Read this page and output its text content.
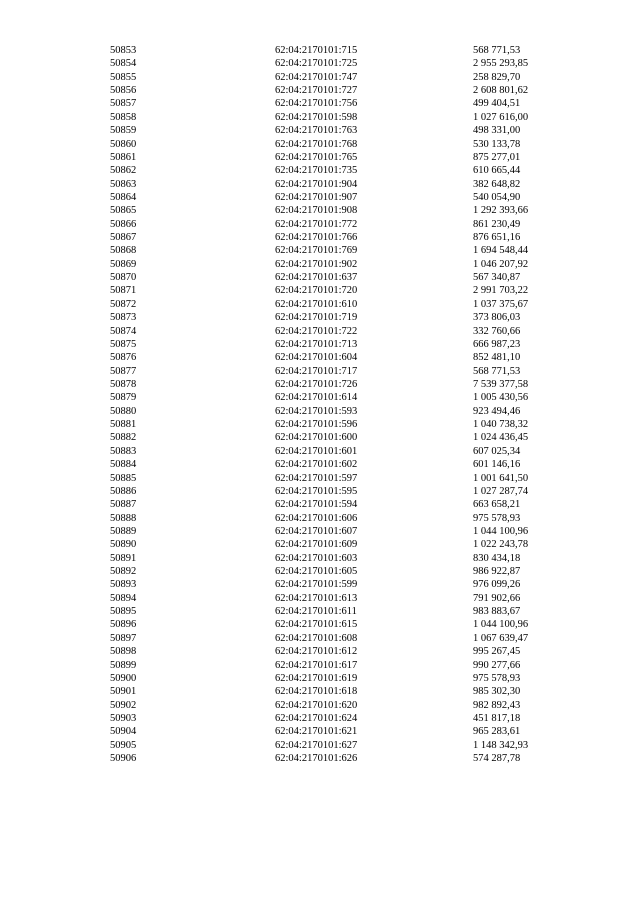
50853	62:04:2170101:715	568 771,53
50854	62:04:2170101:725	2 955 293,85
50855	62:04:2170101:747	258 829,70
50856	62:04:2170101:727	2 608 801,62
50857	62:04:2170101:756	499 404,51
50858	62:04:2170101:598	1 027 616,00
50859	62:04:2170101:763	498 331,00
50860	62:04:2170101:768	530 133,78
50861	62:04:2170101:765	875 277,01
50862	62:04:2170101:735	610 665,44
50863	62:04:2170101:904	382 648,82
50864	62:04:2170101:907	540 054,90
50865	62:04:2170101:908	1 292 393,66
50866	62:04:2170101:772	861 230,49
50867	62:04:2170101:766	876 651,16
50868	62:04:2170101:769	1 694 548,44
50869	62:04:2170101:902	1 046 207,92
50870	62:04:2170101:637	567 340,87
50871	62:04:2170101:720	2 991 703,22
50872	62:04:2170101:610	1 037 375,67
50873	62:04:2170101:719	373 806,03
50874	62:04:2170101:722	332 760,66
50875	62:04:2170101:713	666 987,23
50876	62:04:2170101:604	852 481,10
50877	62:04:2170101:717	568 771,53
50878	62:04:2170101:726	7 539 377,58
50879	62:04:2170101:614	1 005 430,56
50880	62:04:2170101:593	923 494,46
50881	62:04:2170101:596	1 040 738,32
50882	62:04:2170101:600	1 024 436,45
50883	62:04:2170101:601	607 025,34
50884	62:04:2170101:602	601 146,16
50885	62:04:2170101:597	1 001 641,50
50886	62:04:2170101:595	1 027 287,74
50887	62:04:2170101:594	663 658,21
50888	62:04:2170101:606	975 578,93
50889	62:04:2170101:607	1 044 100,96
50890	62:04:2170101:609	1 022 243,78
50891	62:04:2170101:603	830 434,18
50892	62:04:2170101:605	986 922,87
50893	62:04:2170101:599	976 099,26
50894	62:04:2170101:613	791 902,66
50895	62:04:2170101:611	983 883,67
50896	62:04:2170101:615	1 044 100,96
50897	62:04:2170101:608	1 067 639,47
50898	62:04:2170101:612	995 267,45
50899	62:04:2170101:617	990 277,66
50900	62:04:2170101:619	975 578,93
50901	62:04:2170101:618	985 302,30
50902	62:04:2170101:620	982 892,43
50903	62:04:2170101:624	451 817,18
50904	62:04:2170101:621	965 283,61
50905	62:04:2170101:627	1 148 342,93
50906	62:04:2170101:626	574 287,78
